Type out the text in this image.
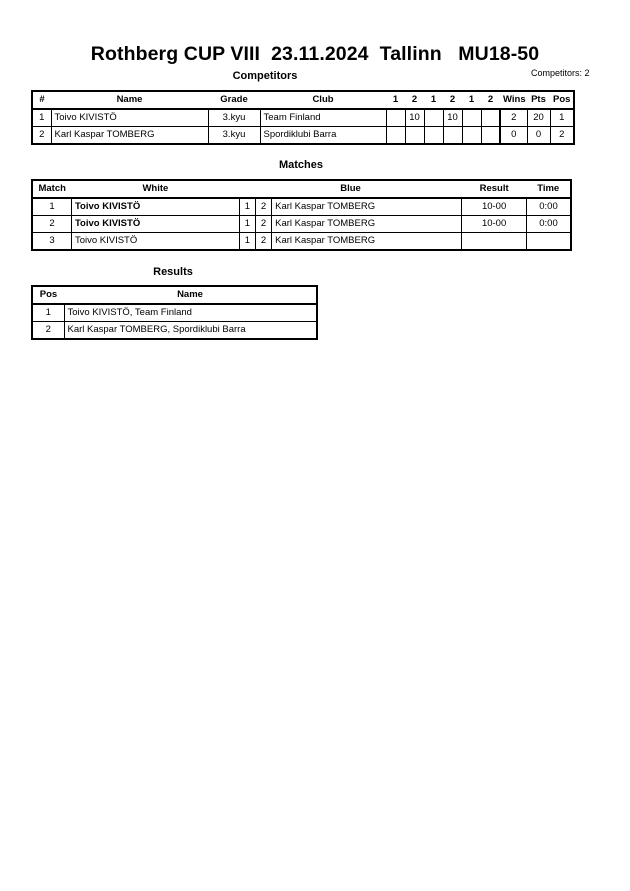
Rothberg CUP VIII  23.11.2024  Tallinn   MU18-50
Competitors	Competitors: 2
#	Name	Grade	Club	1	2	1	2	1	2	Wins	Pts	Pos
1	Toivo KIVISTÖ	3.kyu	Team Finland		10		10			2	20	1
2	Karl Kaspar TOMBERG	3.kyu	Spordiklubi Barra							0	0	2
Matches
Match	White	Blue			Result	Time
1	Toivo KIVISTÖ	1	2	Karl Kaspar TOMBERG	10-00	0:00
2	Toivo KIVISTÖ	1	2	Karl Kaspar TOMBERG	10-00	0:00
3	Toivo KIVISTÖ	1	2	Karl Kaspar TOMBERG		
Results
Pos	Name
1	Toivo KIVISTÖ, Team Finland
2	Karl Kaspar TOMBERG, Spordiklubi Barra
